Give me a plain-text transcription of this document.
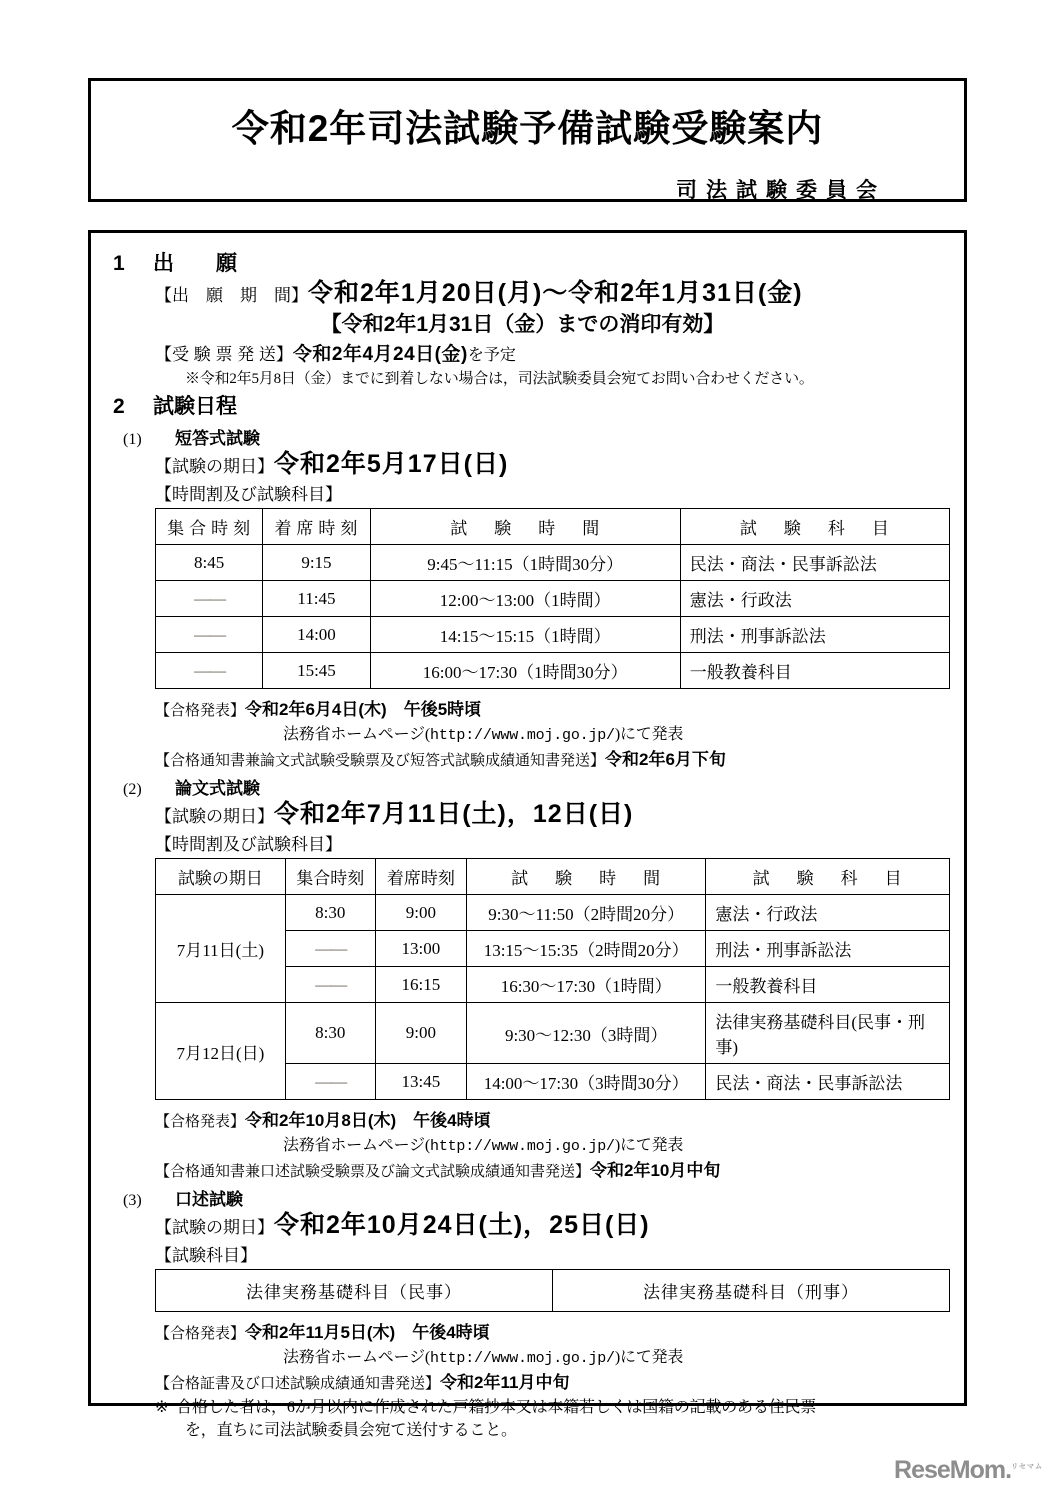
令和2年司法試験予備試験受験案内
司法試験委員会
1	出　　願
【出　願　期　間】 令和2年1月20日(月)～令和2年1月31日(金)
【令和2年1月31日（金）までの消印有効】
【受 験 票 発 送】 令和2年4月24日(金) を予定
※令和2年5月8日（金）までに到着しない場合は，司法試験委員会宛てお問い合わせください。
2	試験日程
(1)	短答式試験
【試験の期日】 令和2年5月17日(日)
【時間割及び試験科目】
集合時刻	着席時刻	試　験　時　間	試　験　科　目
8:45	9:15	9:45～11:15（1時間30分）	民法・商法・民事訴訟法
——	11:45	12:00～13:00（1時間）	憲法・行政法
——	14:00	14:15～15:15（1時間）	刑法・刑事訴訟法
——	15:45	16:00～17:30（1時間30分）	一般教養科目
【合格発表】 令和2年6月4日(木)　午後5時頃
法務省ホームページ(http://www.moj.go.jp/)にて発表
【合格通知書兼論文式試験受験票及び短答式試験成績通知書発送】 令和2年6月下旬
(2)	論文式試験
【試験の期日】 令和2年7月11日(土)，12日(日)
【時間割及び試験科目】
試験の期日	集合時刻	着席時刻	試　験　時　間	試　験　科　目
7月11日(土)	8:30	9:00	9:30～11:50（2時間20分）	憲法・行政法
	——	13:00	13:15～15:35（2時間20分）	刑法・刑事訴訟法
	——	16:15	16:30～17:30（1時間）	一般教養科目
7月12日(日)	8:30	9:00	9:30～12:30（3時間）	法律実務基礎科目(民事・刑事)
	——	13:45	14:00～17:30（3時間30分）	民法・商法・民事訴訟法
【合格発表】 令和2年10月8日(木)　午後4時頃
法務省ホームページ(http://www.moj.go.jp/)にて発表
【合格通知書兼口述試験受験票及び論文式試験成績通知書発送】 令和2年10月中旬
(3)	口述試験
【試験の期日】 令和2年10月24日(土)，25日(日)
【試験科目】
法律実務基礎科目（民事）	法律実務基礎科目（刑事）
【合格発表】 令和2年11月5日(木)　午後4時頃
法務省ホームページ(http://www.moj.go.jp/)にて発表
【合格証書及び口述試験成績通知書発送】 令和2年11月中旬
※ 合格した者は，6か月以内に作成された戸籍抄本又は本籍若しくは国籍の記載のある住民票
を，直ちに司法試験委員会宛て送付すること。
ReseMom.$^{リセマム}$
